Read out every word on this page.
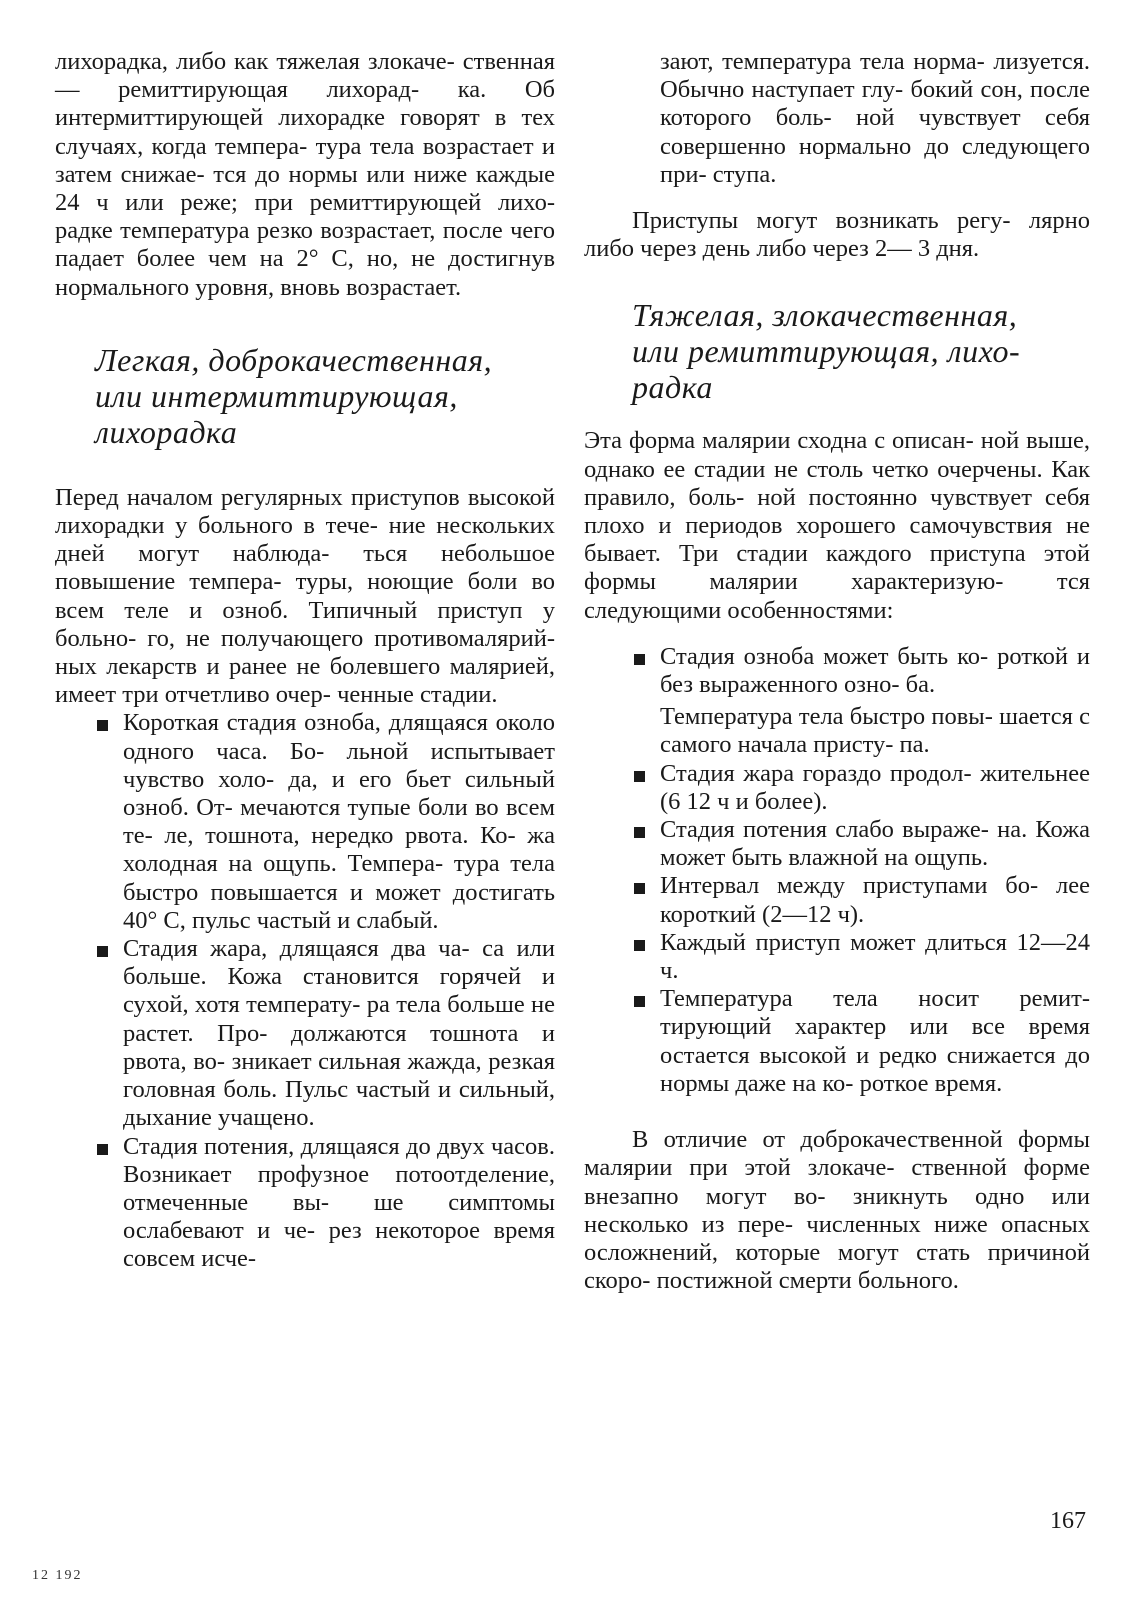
лихорадка, либо как тяжелая злокаче- ственная — ремиттирующая лихорад- ка. Об интермиттирующей лихорадке говорят в тех случаях, когда темпера- тура тела возрастает и затем снижае- тся до нормы или ниже каждые 24 ч или реже; при ремиттирующей лихо- радке температура резко возрастает, после чего падает более чем на 2° С, но, не достигнув нормального уровня, вновь возрастает.

Легкая, доброкачественная,
или интермиттирующая,
лихорадка

Перед началом регулярных приступов высокой лихорадки у больного в тече- ние нескольких дней могут наблюда- ться небольшое повышение темпера- туры, ноющие боли во всем теле и озноб. Типичный приступ у больно- го, не получающего противомалярий- ных лекарств и ранее не болевшего малярией, имеет три отчетливо очер- ченные стадии.

Короткая стадия озноба, длящаяся около одного часа. Бо- льной испытывает чувство холо- да, и его бьет сильный озноб. От- мечаются тупые боли во всем те- ле, тошнота, нередко рвота. Ко- жа холодная на ощупь. Темпера- тура тела быстро повышается и может достигать 40° С, пульс частый и слабый.

Стадия жара, длящаяся два ча- са или больше. Кожа становится горячей и сухой, хотя температу- ра тела больше не растет. Про- должаются тошнота и рвота, во- зникает сильная жажда, резкая головная боль. Пульс частый и сильный, дыхание учащено.

Стадия потения, длящаяся до двух часов. Возникает профузное потоотделение, отмеченные вы- ше симптомы ослабевают и че- рез некоторое время совсем исче-

зают, температура тела норма- лизуется. Обычно наступает глу- бокий сон, после которого боль- ной чувствует себя совершенно нормально до следующего при- ступа.

Приступы могут возникать регу- лярно либо через день либо через 2— 3 дня.

Тяжелая, злокачественная,
или ремиттирующая, лихо-
радка

Эта форма малярии сходна с описан- ной выше, однако ее стадии не столь четко очерчены. Как правило, боль- ной постоянно чувствует себя плохо и периодов хорошего самочувствия не бывает. Три стадии каждого приступа этой формы малярии характеризую- тся следующими особенностями:

Стадия озноба может быть ко- роткой и без выраженного озно- ба.

Температура тела быстро повы- шается с самого начала присту- па.

Стадия жара гораздо продол- жительнее (6 12 ч и более).

Стадия потения слабо выраже- на. Кожа может быть влажной на ощупь.

Интервал между приступами бо- лее короткий (2—12 ч).

Каждый приступ может длиться 12—24 ч.

Температура тела носит ремит- тирующий характер или все время остается высокой и редко снижается до нормы даже на ко- роткое время.

В отличие от доброкачественной формы малярии при этой злокаче- ственной форме внезапно могут во- зникнуть одно или несколько из пере- численных ниже опасных осложнений, которые могут стать причиной скоро- постижной смерти больного.

167
12 192
